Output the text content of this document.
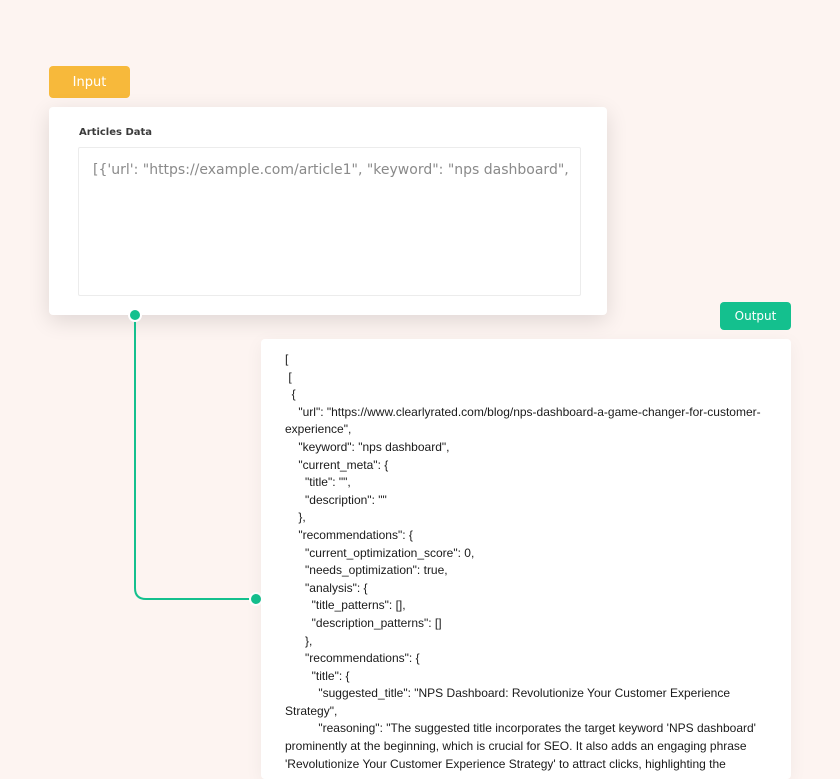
Input
Articles Data
[{'url': "https://example.com/article1", "keyword": "nps dashboard",
Output
[
[
{
"url": "https://www.clearlyrated.com/blog/nps-dashboard-a-game-changer-for-customer-experience",
"keyword": "nps dashboard",
"current_meta": {
"title": "",
"description": ""
},
"recommendations": {
"current_optimization_score": 0,
"needs_optimization": true,
"analysis": {
"title_patterns": [],
"description_patterns": []
},
"recommendations": {
"title": {
"suggested_title": "NPS Dashboard: Revolutionize Your Customer Experience Strategy",
"reasoning": "The suggested title incorporates the target keyword 'NPS dashboard' prominently at the beginning, which is crucial for SEO. It also adds an engaging phrase 'Revolutionize Your Customer Experience Strategy' to attract clicks, highlighting the
